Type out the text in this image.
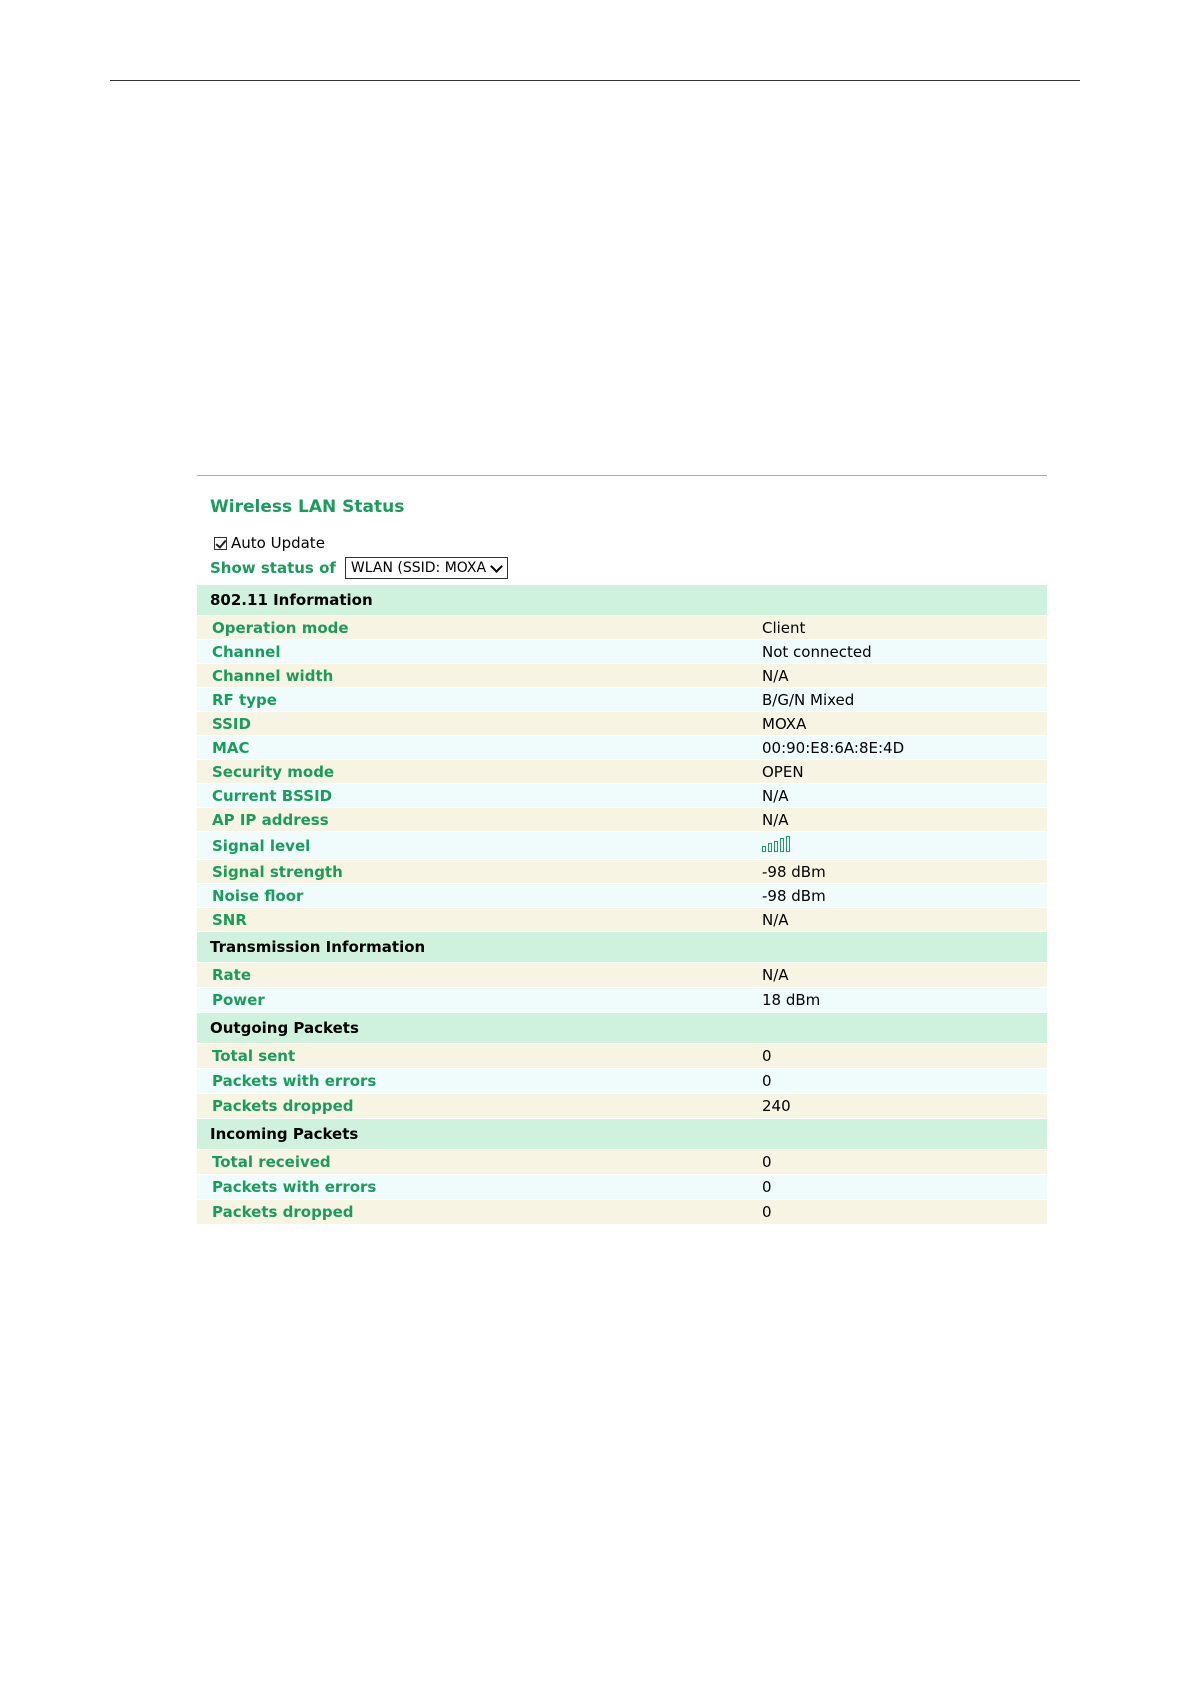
Wireless LAN Status
Auto Update
Show status of WLAN (SSID: MOXA
802.11 Information
Operation mode	Client
Channel	Not connected
Channel width	N/A
RF type	B/G/N Mixed
SSID	MOXA
MAC	00:90:E8:6A:8E:4D
Security mode	OPEN
Current BSSID	N/A
AP IP address	N/A
Signal level
Signal strength	-98 dBm
Noise floor	-98 dBm
SNR	N/A
Transmission Information
Rate	N/A
Power	18 dBm
Outgoing Packets
Total sent	0
Packets with errors	0
Packets dropped	240
Incoming Packets
Total received	0
Packets with errors	0
Packets dropped	0
